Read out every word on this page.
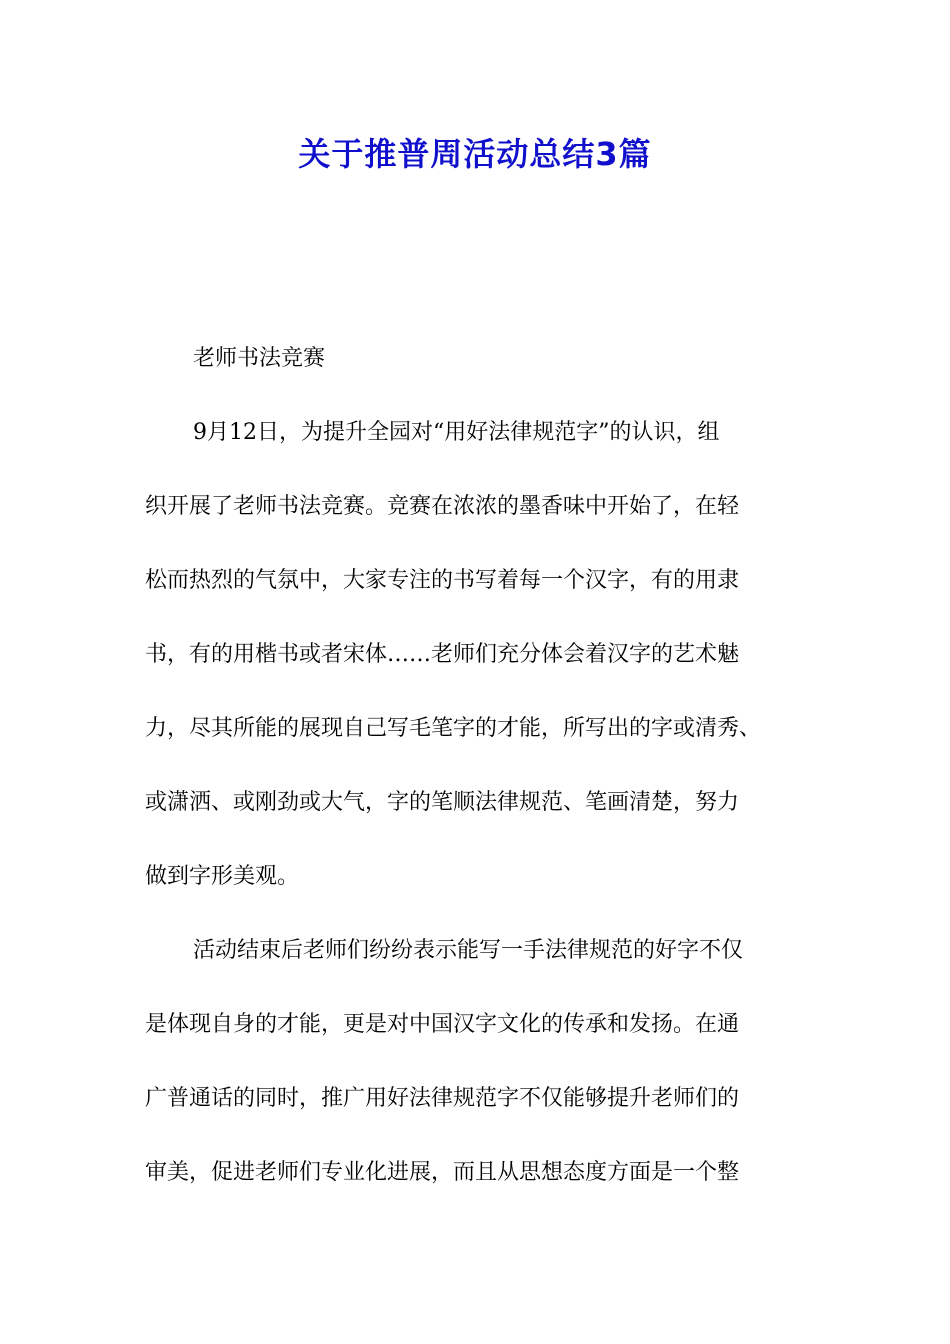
关于推普周活动总结3篇

老师书法竞赛

9月12日，为提升全园对“用好法律规范字”的认识，组

织开展了老师书法竞赛。竞赛在浓浓的墨香味中开始了，在轻

松而热烈的气氛中，大家专注的书写着每一个汉字，有的用隶

书，有的用楷书或者宋体……老师们充分体会着汉字的艺术魅

力，尽其所能的展现自己写毛笔字的才能，所写出的字或清秀、

或潇洒、或刚劲或大气，字的笔顺法律规范、笔画清楚，努力

做到字形美观。

活动结束后老师们纷纷表示能写一手法律规范的好字不仅

是体现自身的才能，更是对中国汉字文化的传承和发扬。在通

广普通话的同时，推广用好法律规范字不仅能够提升老师们的

审美，促进老师们专业化进展，而且从思想态度方面是一个整
